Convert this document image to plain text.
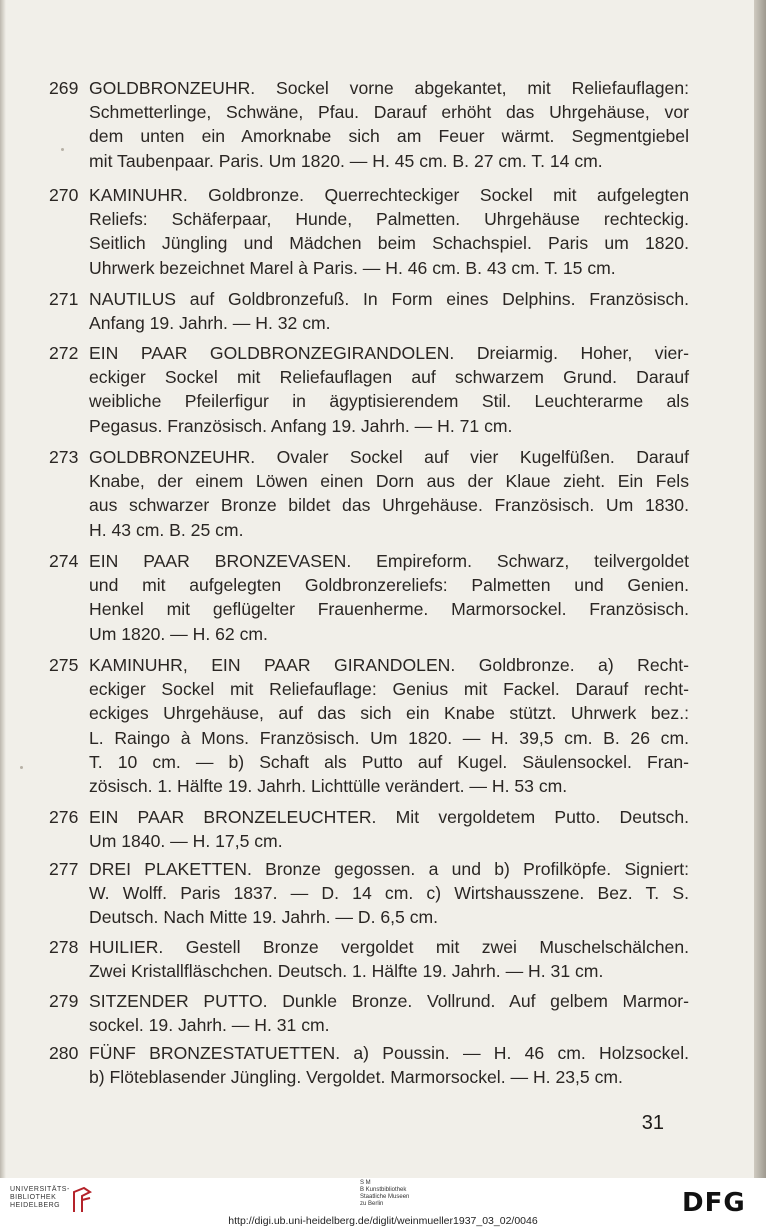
269 GOLDBRONZEUHR. Sockel vorne abgekantet, mit Reliefauflagen:
Schmetterlinge, Schwäne, Pfau. Darauf erhöht das Uhrgehäuse, vor
dem unten ein Amorknabe sich am Feuer wärmt. Segmentgiebel
mit Taubenpaar. Paris. Um 1820. — H. 45 cm. B. 27 cm. T. 14 cm.
270 KAMINUHR. Goldbronze. Querrechteckiger Sockel mit aufgelegten
Reliefs: Schäferpaar, Hunde, Palmetten. Uhrgehäuse rechteckig.
Seitlich Jüngling und Mädchen beim Schachspiel. Paris um 1820.
Uhrwerk bezeichnet Marel à Paris. — H. 46 cm. B. 43 cm. T. 15 cm.
271 NAUTILUS auf Goldbronzefuß. In Form eines Delphins. Französisch.
Anfang 19. Jahrh. — H. 32 cm.
272 EIN PAAR GOLDBRONZEGIRANDOLEN. Dreiarmig. Hoher, vier-
eckiger Sockel mit Reliefauflagen auf schwarzem Grund. Darauf
weibliche Pfeilerfigur in ägyptisierendem Stil. Leuchterarme als
Pegasus. Französisch. Anfang 19. Jahrh. — H. 71 cm.
273 GOLDBRONZEUHR. Ovaler Sockel auf vier Kugelfüßen. Darauf
Knabe, der einem Löwen einen Dorn aus der Klaue zieht. Ein Fels
aus schwarzer Bronze bildet das Uhrgehäuse. Französisch. Um 1830.
H. 43 cm. B. 25 cm.
274 EIN PAAR BRONZEVASEN. Empireform. Schwarz, teilvergoldet
und mit aufgelegten Goldbronzereliefs: Palmetten und Genien.
Henkel mit geflügelter Frauenherme. Marmorsockel. Französisch.
Um 1820. — H. 62 cm.
275 KAMINUHR, EIN PAAR GIRANDOLEN. Goldbronze. a) Recht-
eckiger Sockel mit Reliefauflage: Genius mit Fackel. Darauf recht-
eckiges Uhrgehäuse, auf das sich ein Knabe stützt. Uhrwerk bez.:
L. Raingo à Mons. Französisch. Um 1820. — H. 39,5 cm. B. 26 cm.
T. 10 cm. — b) Schaft als Putto auf Kugel. Säulensockel. Fran-
zösisch. 1. Hälfte 19. Jahrh. Lichttülle verändert. — H. 53 cm.
276 EIN PAAR BRONZELEUCHTER. Mit vergoldetem Putto. Deutsch.
Um 1840. — H. 17,5 cm.
277 DREI PLAKETTEN. Bronze gegossen. a und b) Profilköpfe. Signiert:
W. Wolff. Paris 1837. — D. 14 cm. c) Wirtshausszene. Bez. T. S.
Deutsch. Nach Mitte 19. Jahrh. — D. 6,5 cm.
278 HUILIER. Gestell Bronze vergoldet mit zwei Muschelschälchen.
Zwei Kristallfläschchen. Deutsch. 1. Hälfte 19. Jahrh. — H. 31 cm.
279 SITZENDER PUTTO. Dunkle Bronze. Vollrund. Auf gelbem Marmor-
sockel. 19. Jahrh. — H. 31 cm.
280 FÜNF BRONZESTATUETTEN. a) Poussin. — H. 46 cm. Holzsockel.
b) Flöteblasender Jüngling. Vergoldet. Marmorsockel. — H. 23,5 cm.
31
UNIVERSITÄTS-
BIBLIOTHEK
HEIDELBERG
S M
B Kunstbibliothek
Staatliche Museen
zu Berlin	DFG
http://digi.ub.uni-heidelberg.de/diglit/weinmueller1937_03_02/0046
